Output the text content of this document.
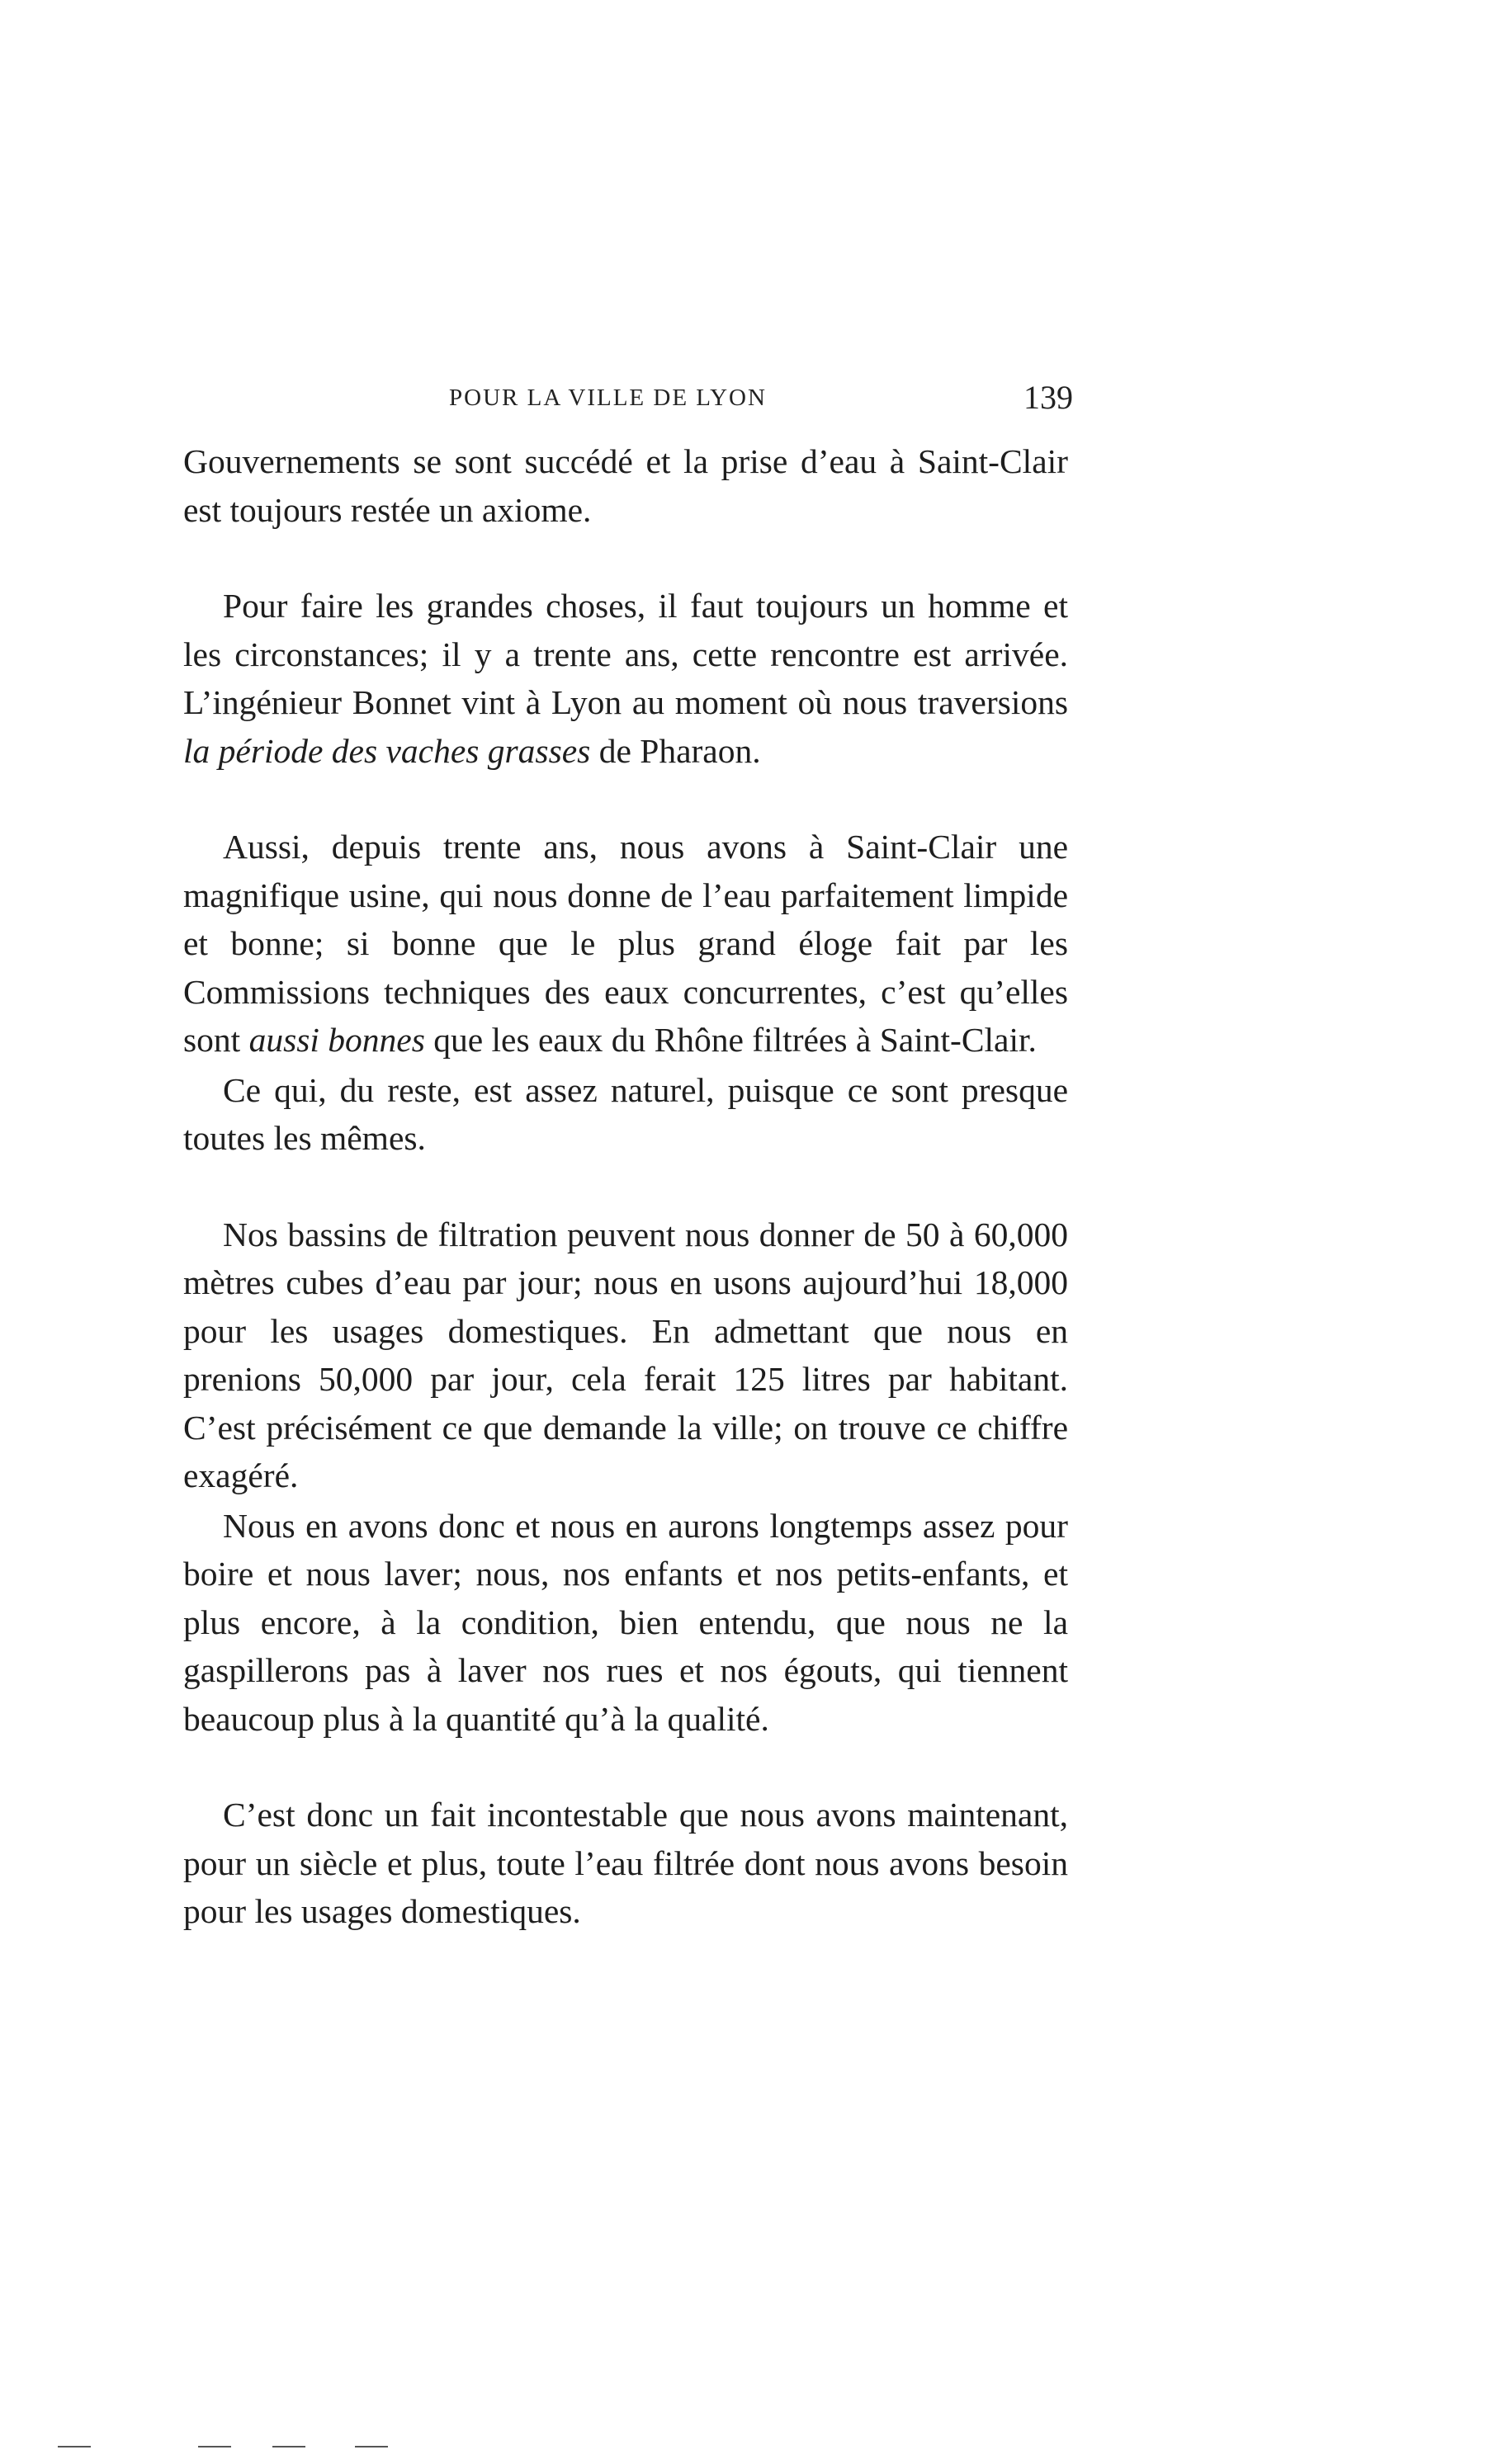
POUR LA VILLE DE LYON	139

Gouvernements se sont succédé et la prise d’eau à Saint-Clair est toujours restée un axiome.

Pour faire les grandes choses, il faut toujours un homme et les circonstances; il y a trente ans, cette rencontre est arrivée. L’ingénieur Bonnet vint à Lyon au moment où nous traversions la période des vaches grasses de Pharaon.

Aussi, depuis trente ans, nous avons à Saint-Clair une magnifique usine, qui nous donne de l’eau parfaitement limpide et bonne; si bonne que le plus grand éloge fait par les Commissions techniques des eaux concurrentes, c’est qu’elles sont aussi bonnes que les eaux du Rhône filtrées à Saint-Clair.

Ce qui, du reste, est assez naturel, puisque ce sont presque toutes les mêmes.

Nos bassins de filtration peuvent nous donner de 50 à 60,000 mètres cubes d’eau par jour; nous en usons aujourd’hui 18,000 pour les usages domestiques. En admettant que nous en prenions 50,000 par jour, cela ferait 125 litres par habitant. C’est précisément ce que demande la ville; on trouve ce chiffre exagéré.

Nous en avons donc et nous en aurons longtemps assez pour boire et nous laver; nous, nos enfants et nos petits-enfants, et plus encore, à la condition, bien entendu, que nous ne la gaspillerons pas à laver nos rues et nos égouts, qui tiennent beaucoup plus à la quantité qu’à la qualité.

C’est donc un fait incontestable que nous avons maintenant, pour un siècle et plus, toute l’eau filtrée dont nous avons besoin pour les usages domestiques.
